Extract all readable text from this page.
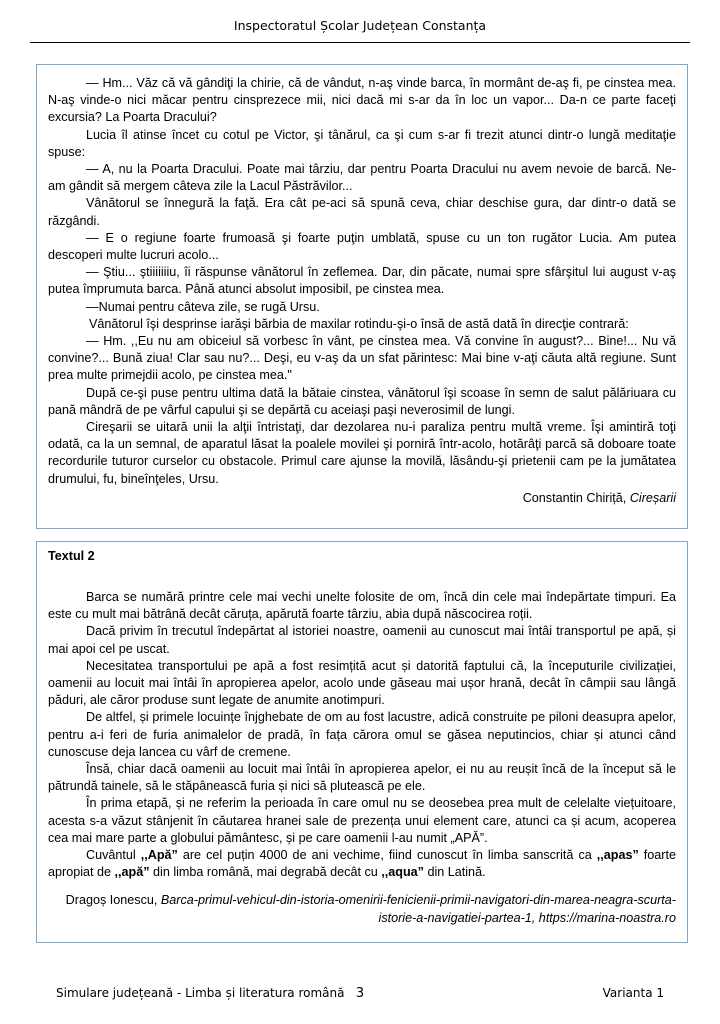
Inspectoratul Școlar Județean Constanța

— Hm... Văz că vă gândiţi la chirie, că de vândut, n-aş vinde barca, în mormânt de-aş fi, pe cinstea mea. N-aş vinde-o nici măcar pentru cinsprezece mii, nici dacă mi s-ar da în loc un vapor... Da-n ce parte faceţi excursia? La Poarta Dracului?

Lucia îl atinse încet cu cotul pe Victor, şi tânărul, ca şi cum s-ar fi trezit atunci dintr-o lungă meditaţie spuse:

— A, nu la Poarta Dracului. Poate mai târziu, dar pentru Poarta Dracului nu avem nevoie de barcă. Ne-am gândit să mergem câteva zile la Lacul Păstrăvilor...

Vânătorul se înnegură la faţă. Era cât pe-aci să spună ceva, chiar deschise gura, dar dintr-o dată se răzgândi.

— E o regiune foarte frumoasă şi foarte puţin umblată, spuse cu un ton rugător Lucia. Am putea descoperi multe lucruri acolo...

— Ştiu... ştiiiiiiiu, îi răspunse vânătorul în zeflemea. Dar, din păcate, numai spre sfârşitul lui august v-aş putea împrumuta barca. Până atunci absolut imposibil, pe cinstea mea.

—Numai pentru câteva zile, se rugă Ursu.

Vânătorul îşi desprinse iarăşi bărbia de maxilar rotindu-şi-o însă de astă dată în direcţie contrară:

— Hm. ,,Eu nu am obiceiul să vorbesc în vânt, pe cinstea mea. Vă convine în august?... Bine!... Nu vă convine?... Bună ziua! Clar sau nu?... Deşi, eu v-aş da un sfat părintesc: Mai bine v-aţi căuta altă regiune. Sunt prea multe primejdii acolo, pe cinstea mea."

După ce-şi puse pentru ultima dată la bătaie cinstea, vânătorul îşi scoase în semn de salut pălăriuara cu pană mândră de pe vârful capului şi se depărtă cu aceiaşi paşi neverosimil de lungi.

Cireşarii se uitară unii la alţii întristaţi, dar dezolarea nu-i paraliza pentru multă vreme. Îşi amintiră toţi odată, ca la un semnal, de aparatul lăsat la poalele movilei şi porniră într-acolo, hotărâţi parcă să doboare toate recordurile tuturor curselor cu obstacole. Primul care ajunse la movilă, lăsându-şi prietenii cam pe la jumătatea drumului, fu, bineînţeles, Ursu.

Constantin Chiriță, Cireșarii

Textul 2

Barca se numără printre cele mai vechi unelte folosite de om, încă din cele mai îndepărtate timpuri. Ea este cu mult mai bătrână decât căruța, apărută foarte târziu, abia după născocirea roții.

Dacă privim în trecutul îndepărtat al istoriei noastre, oamenii au cunoscut mai întâi transportul pe apă, și mai apoi cel pe uscat.

Necesitatea transportului pe apă a fost resimțită acut și datorită faptului că, la începuturile civilizației, oamenii au locuit mai întâi în apropierea apelor, acolo unde găseau mai ușor hrană, decât în câmpii sau lângă păduri, ale căror produse sunt legate de anumite anotimpuri.

De altfel, și primele locuințe înjghebate de om au fost lacustre, adică construite pe piloni deasupra apelor, pentru a-i feri de furia animalelor de pradă, în fața cărora omul se găsea neputincios, chiar și atunci când cunoscuse deja lancea cu vârf de cremene.

Însă, chiar dacă oamenii au locuit mai întâi în apropierea apelor, ei nu au reușit încă de la început să le pătrundă tainele, să le stăpânească furia și nici să plutească pe ele.

În prima etapă, și ne referim la perioada în care omul nu se deosebea prea mult de celelalte viețuitoare, acesta s-a văzut stânjenit în căutarea hranei sale de prezența unui element care, atunci ca și acum, acoperea cea mai mare parte a globului pământesc, și pe care oamenii l-au numit „APĂ”.

Cuvântul ,,Apă” are cel puțin 4000 de ani vechime, fiind cunoscut în limba sanscrită ca ,,apas” foarte apropiat de ,,apă” din limba română, mai degrabă decât cu ,,aqua” din Latină.

Dragoș Ionescu, Barca-primul-vehicul-din-istoria-omenirii-fenicienii-primii-navigatori-din-marea-neagra-scurta-istorie-a-navigatiei-partea-1, https://marina-noastra.ro

Simulare județeană - Limba și literatura română 3	Varianta 1
